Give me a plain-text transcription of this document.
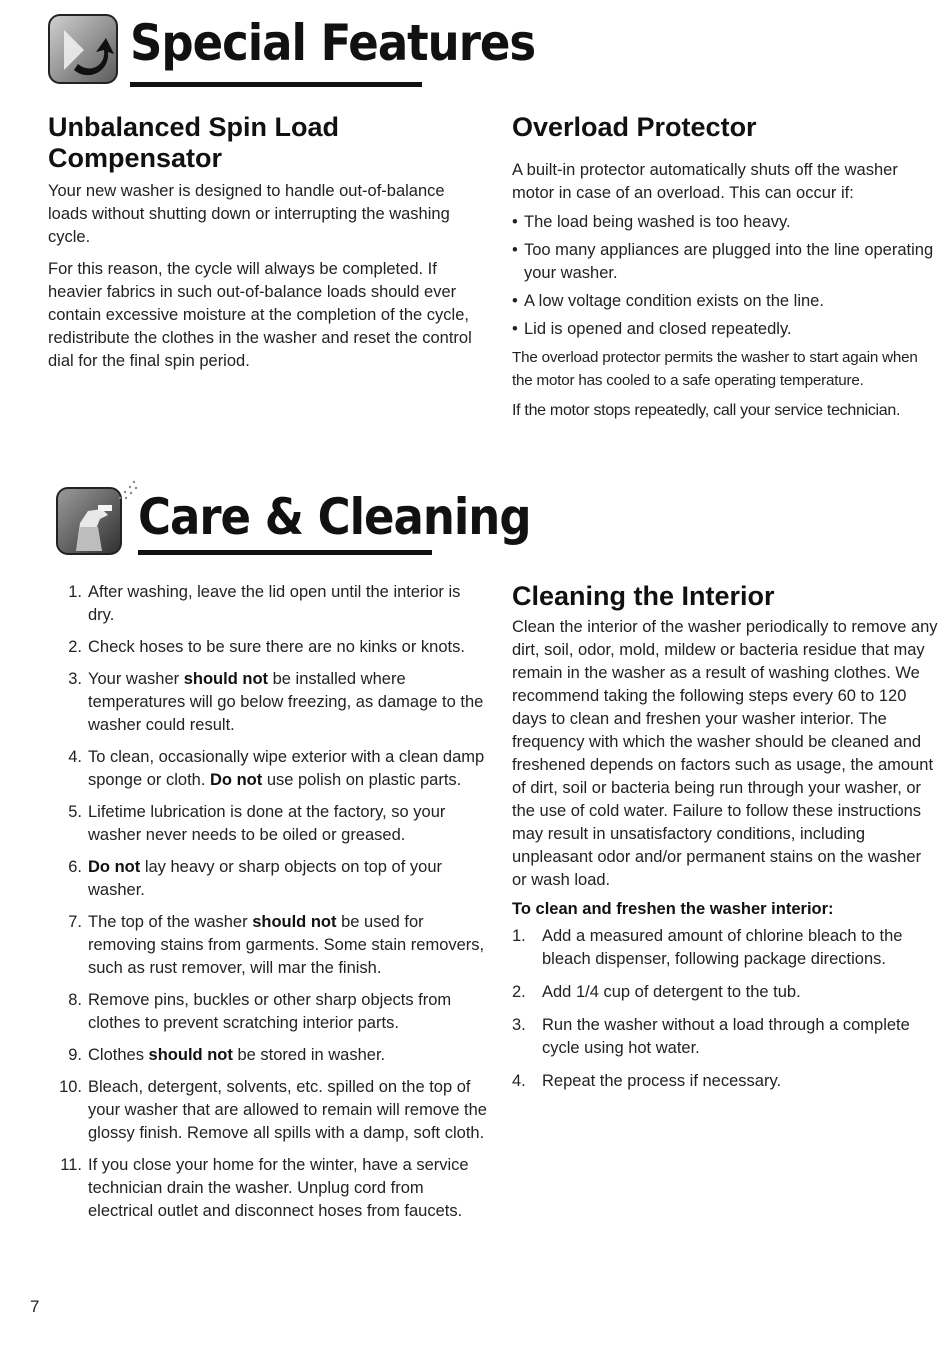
Special Features
Unbalanced Spin Load
Compensator

Your new washer is designed to handle out-of-balance loads without shutting down or interrupting the washing cycle.

For this reason, the cycle will always be completed. If heavier fabrics in such out-of-balance loads should ever contain excessive moisture at the completion of the cycle, redistribute the clothes in the washer and reset the control dial for the final spin period.

Overload Protector

A built-in protector automatically shuts off the washer motor in case of an overload. This can occur if:

• The load being washed is too heavy.
• Too many appliances are plugged into the line operating your washer.
• A low voltage condition exists on the line.
• Lid is opened and closed repeatedly.

The overload protector permits the washer to start again when the motor has cooled to a safe operating temperature.

If the motor stops repeatedly, call your service technician.

Care & Cleaning
1. After washing, leave the lid open until the interior is dry.
2. Check hoses to be sure there are no kinks or knots.
3. Your washer should not be installed where temperatures will go below freezing, as damage to the washer could result.
4. To clean, occasionally wipe exterior with a clean damp sponge or cloth. Do not use polish on plastic parts.
5. Lifetime lubrication is done at the factory, so your washer never needs to be oiled or greased.
6. Do not lay heavy or sharp objects on top of your washer.
7. The top of the washer should not be used for removing stains from garments. Some stain removers, such as rust remover, will mar the finish.
8. Remove pins, buckles or other sharp objects from clothes to prevent scratching interior parts.
9. Clothes should not be stored in washer.
10. Bleach, detergent, solvents, etc. spilled on the top of your washer that are allowed to remain will remove the glossy finish. Remove all spills with a damp, soft cloth.
11. If you close your home for the winter, have a service technician drain the washer. Unplug cord from electrical outlet and disconnect hoses from faucets.
Cleaning the Interior

Clean the interior of the washer periodically to remove any dirt, soil, odor, mold, mildew or bacteria residue that may remain in the washer as a result of washing clothes. We recommend taking the following steps every 60 to 120 days to clean and freshen your washer interior. The frequency with which the washer should be cleaned and freshened depends on factors such as usage, the amount of dirt, soil or bacteria being run through your washer, or the use of cold water. Failure to follow these instructions may result in unsatisfactory conditions, including unpleasant odor and/or permanent stains on the washer or wash load.

To clean and freshen the washer interior:
1. Add a measured amount of chlorine bleach to the bleach dispenser, following package directions.
2. Add 1/4 cup of detergent to the tub.
3. Run the washer without a load through a complete cycle using hot water.
4. Repeat the process if necessary.
7
